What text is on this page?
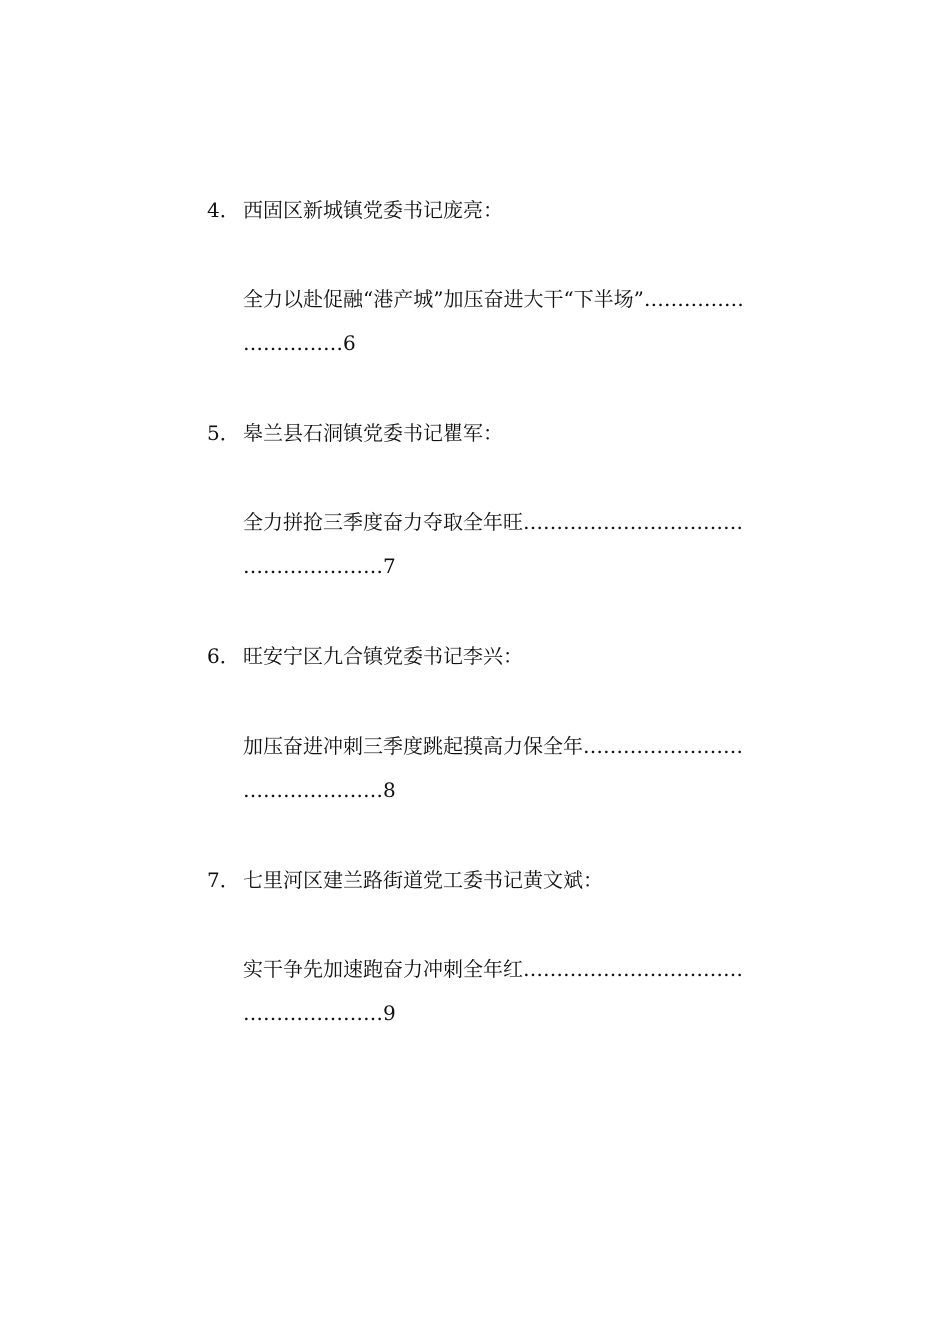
4． 西固区新城镇党委书记庞亮：
全力以赴促融“港产城”加压奋进大干“下半场”……………
……………6
5． 皋兰县石洞镇党委书记瞿军：
全力拼抢三季度奋力夺取全年旺……………………………
…………………7
6． 旺安宁区九合镇党委书记李兴：
加压奋进冲刺三季度跳起摸高力保全年……………………
…………………8
7． 七里河区建兰路街道党工委书记黄文斌：
实干争先加速跑奋力冲刺全年红……………………………
…………………9
